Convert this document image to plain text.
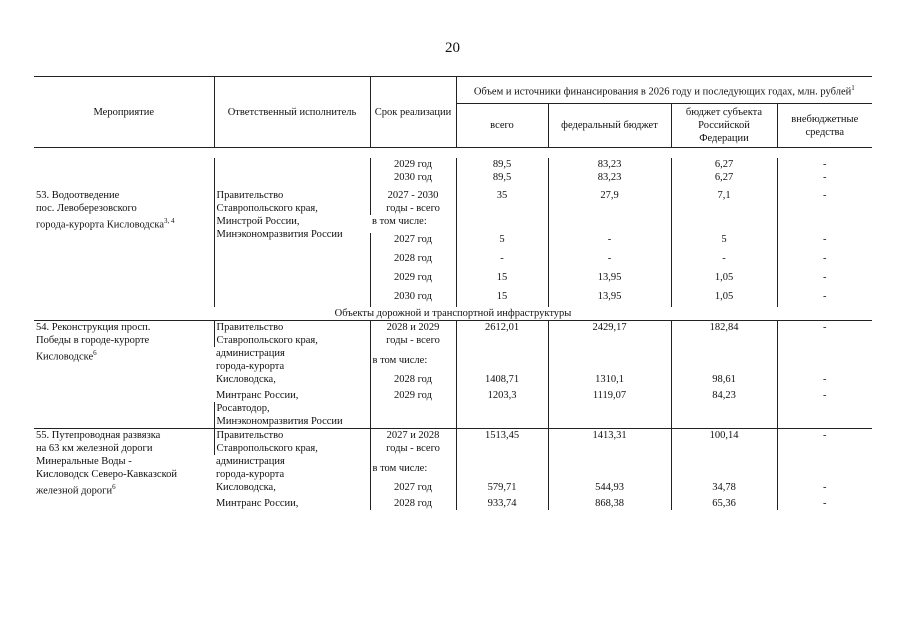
20
Мероприятие	Ответственный исполнитель	Срок реализации	Объем и источники финансирования в 2026 году и последующих годах, млн. рублей$^1$
			всего	федеральный бюджет	бюджет субъекта Российской Федерации	внебюджетные средства

		2029 год	89,5	83,23	6,27	-
		2030 год	89,5	83,23	6,27	-
53. Водоотведение
пос. Левоберезовского
города-курорта Кисловодска$^{3, 4}$	Правительство
Ставропольского края,
Минстрой России,
Минэкономразвития России	2027 - 2030
годы - всего	35	27,9	7,1	-
		в том числе:				
		2027 год	5	-	5	-
		2028 год	-	-	-	-
		2029 год	15	13,95	1,05	-
		2030 год	15	13,95	1,05	-
Объекты дорожной и транспортной инфраструктуры						
54. Реконструкция просп.
Победы в городе-курорте
Кисловодске$^6$	Правительство
Ставропольского края,	2028 и 2029
годы - всего	2612,01	2429,17	182,84	-
	администрация
города-курорта	в том числе:				
	Кисловодска,	2028 год	1408,71	1310,1	98,61	-
	Минтранс России,	2029 год	1203,3	1119,07	84,23	-
	Росавтодор,
Минэкономразвития России					
55. Путепроводная развязка
на 63 км железной дороги
Минеральные Воды -
Кисловодск Северо-Кавказской
железной дороги$^6$	Правительство
Ставропольского края,	2027 и 2028
годы - всего	1513,45	1413,31	100,14	-
	администрация
города-курорта	в том числе:				
	Кисловодска,	2027 год	579,71	544,93	34,78	-
	Минтранс России,	2028 год	933,74	868,38	65,36	-
